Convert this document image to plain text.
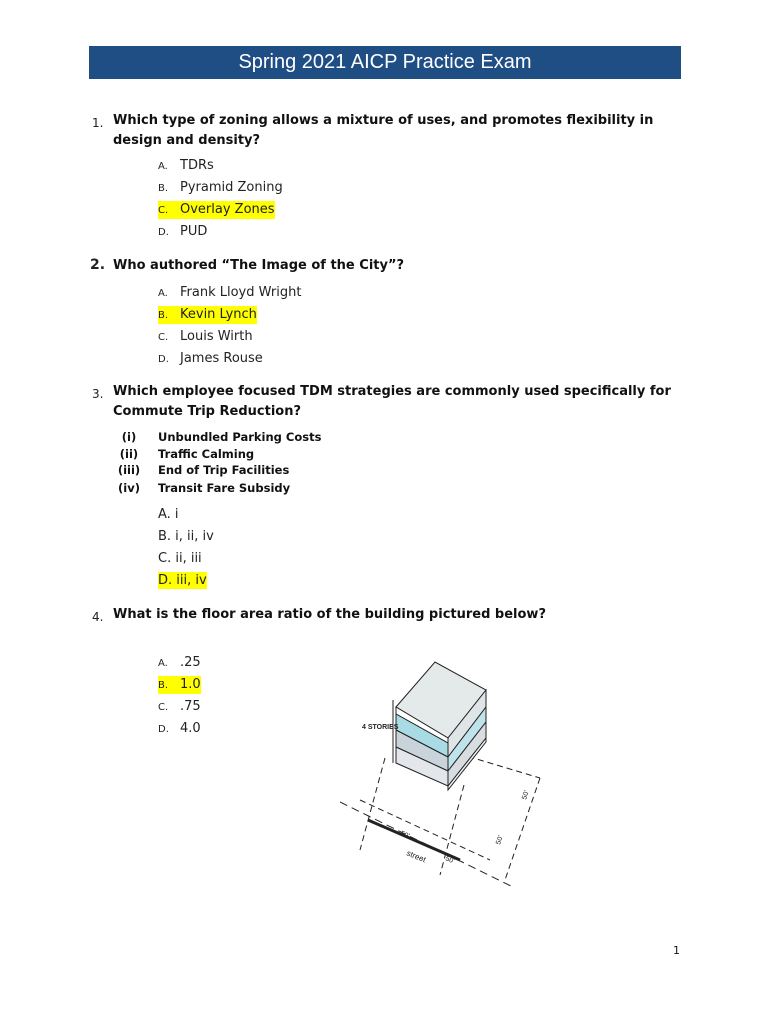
Spring 2021 AICP Practice Exam
1. Which type of zoning allows a mixture of uses, and promotes flexibility in design and density?
A. TDRs
B. Pyramid Zoning
C. Overlay Zones
D. PUD
2. Who authored “The Image of the City”?
A. Frank Lloyd Wright
B. Kevin Lynch
C. Louis Wirth
D. James Rouse
3. Which employee focused TDM strategies are commonly used specifically for Commute Trip Reduction?
(i)	Unbundled Parking Costs
(ii)	Traffic Calming
(iii) End of Trip Facilities
(iv) Transit Fare Subsidy
A. i
B. i, ii, iv
C. ii, iii
D. iii, iv
4. What is the floor area ratio of the building pictured below?
A. .25
B. 1.0
C. .75
D. 4.0	4 STORIES
50'
50'
50'
50'
street
1
